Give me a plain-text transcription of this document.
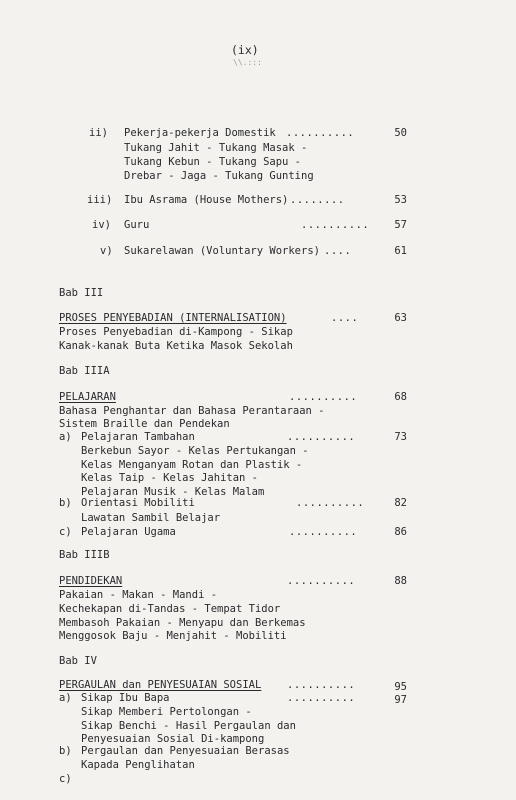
(ix)
\\.:::
ii) Pekerja-pekerja Domestik ..........	50
Tukang Jahit - Tukang Masak -
Tukang Kebun - Tukang Sapu -
Drebar - Jaga - Tukang Gunting
iii) Ibu Asrama (House Mothers) ........	53
iv) Guru	..........	57
v) Sukarelawan (Voluntary Workers) ....	61
Bab III
PROSES PENYEBADIAN (INTERNALISATION)	....	63
Proses Penyebadian di-Kampong - Sikap
Kanak-kanak Buta Ketika Masok Sekolah
Bab IIIA
PELAJARAN	..........	68
Bahasa Penghantar dan Bahasa Perantaraan -
Sistem Braille dan Pendekan
a) Pelajaran Tambahan	..........	73
Berkebun Sayor - Kelas Pertukangan -
Kelas Menganyam Rotan dan Plastik -
Kelas Taip - Kelas Jahitan -
Pelajaran Musik - Kelas Malam
b) Orientasi Mobiliti	..........	82
Lawatan Sambil Belajar
c) Pelajaran Ugama	..........	86
Bab IIIB
PENDIDEKAN	..........	88
Pakaian - Makan - Mandi -
Kechekapan di-Tandas - Tempat Tidor
Membasoh Pakaian - Menyapu dan Berkemas
Menggosok Baju - Menjahit - Mobiliti
Bab IV
PERGAULAN dan PENYESUAIAN SOSIAL ..........	95
a) Sikap Ibu Bapa	..........	97
Sikap Memberi Pertolongan -
Sikap Benchi - Hasil Pergaulan dan
Penyesuaian Sosial Di-kampong
b) Pergaulan dan Penyesuaian Berasas
Kapada Penglihatan
c)
